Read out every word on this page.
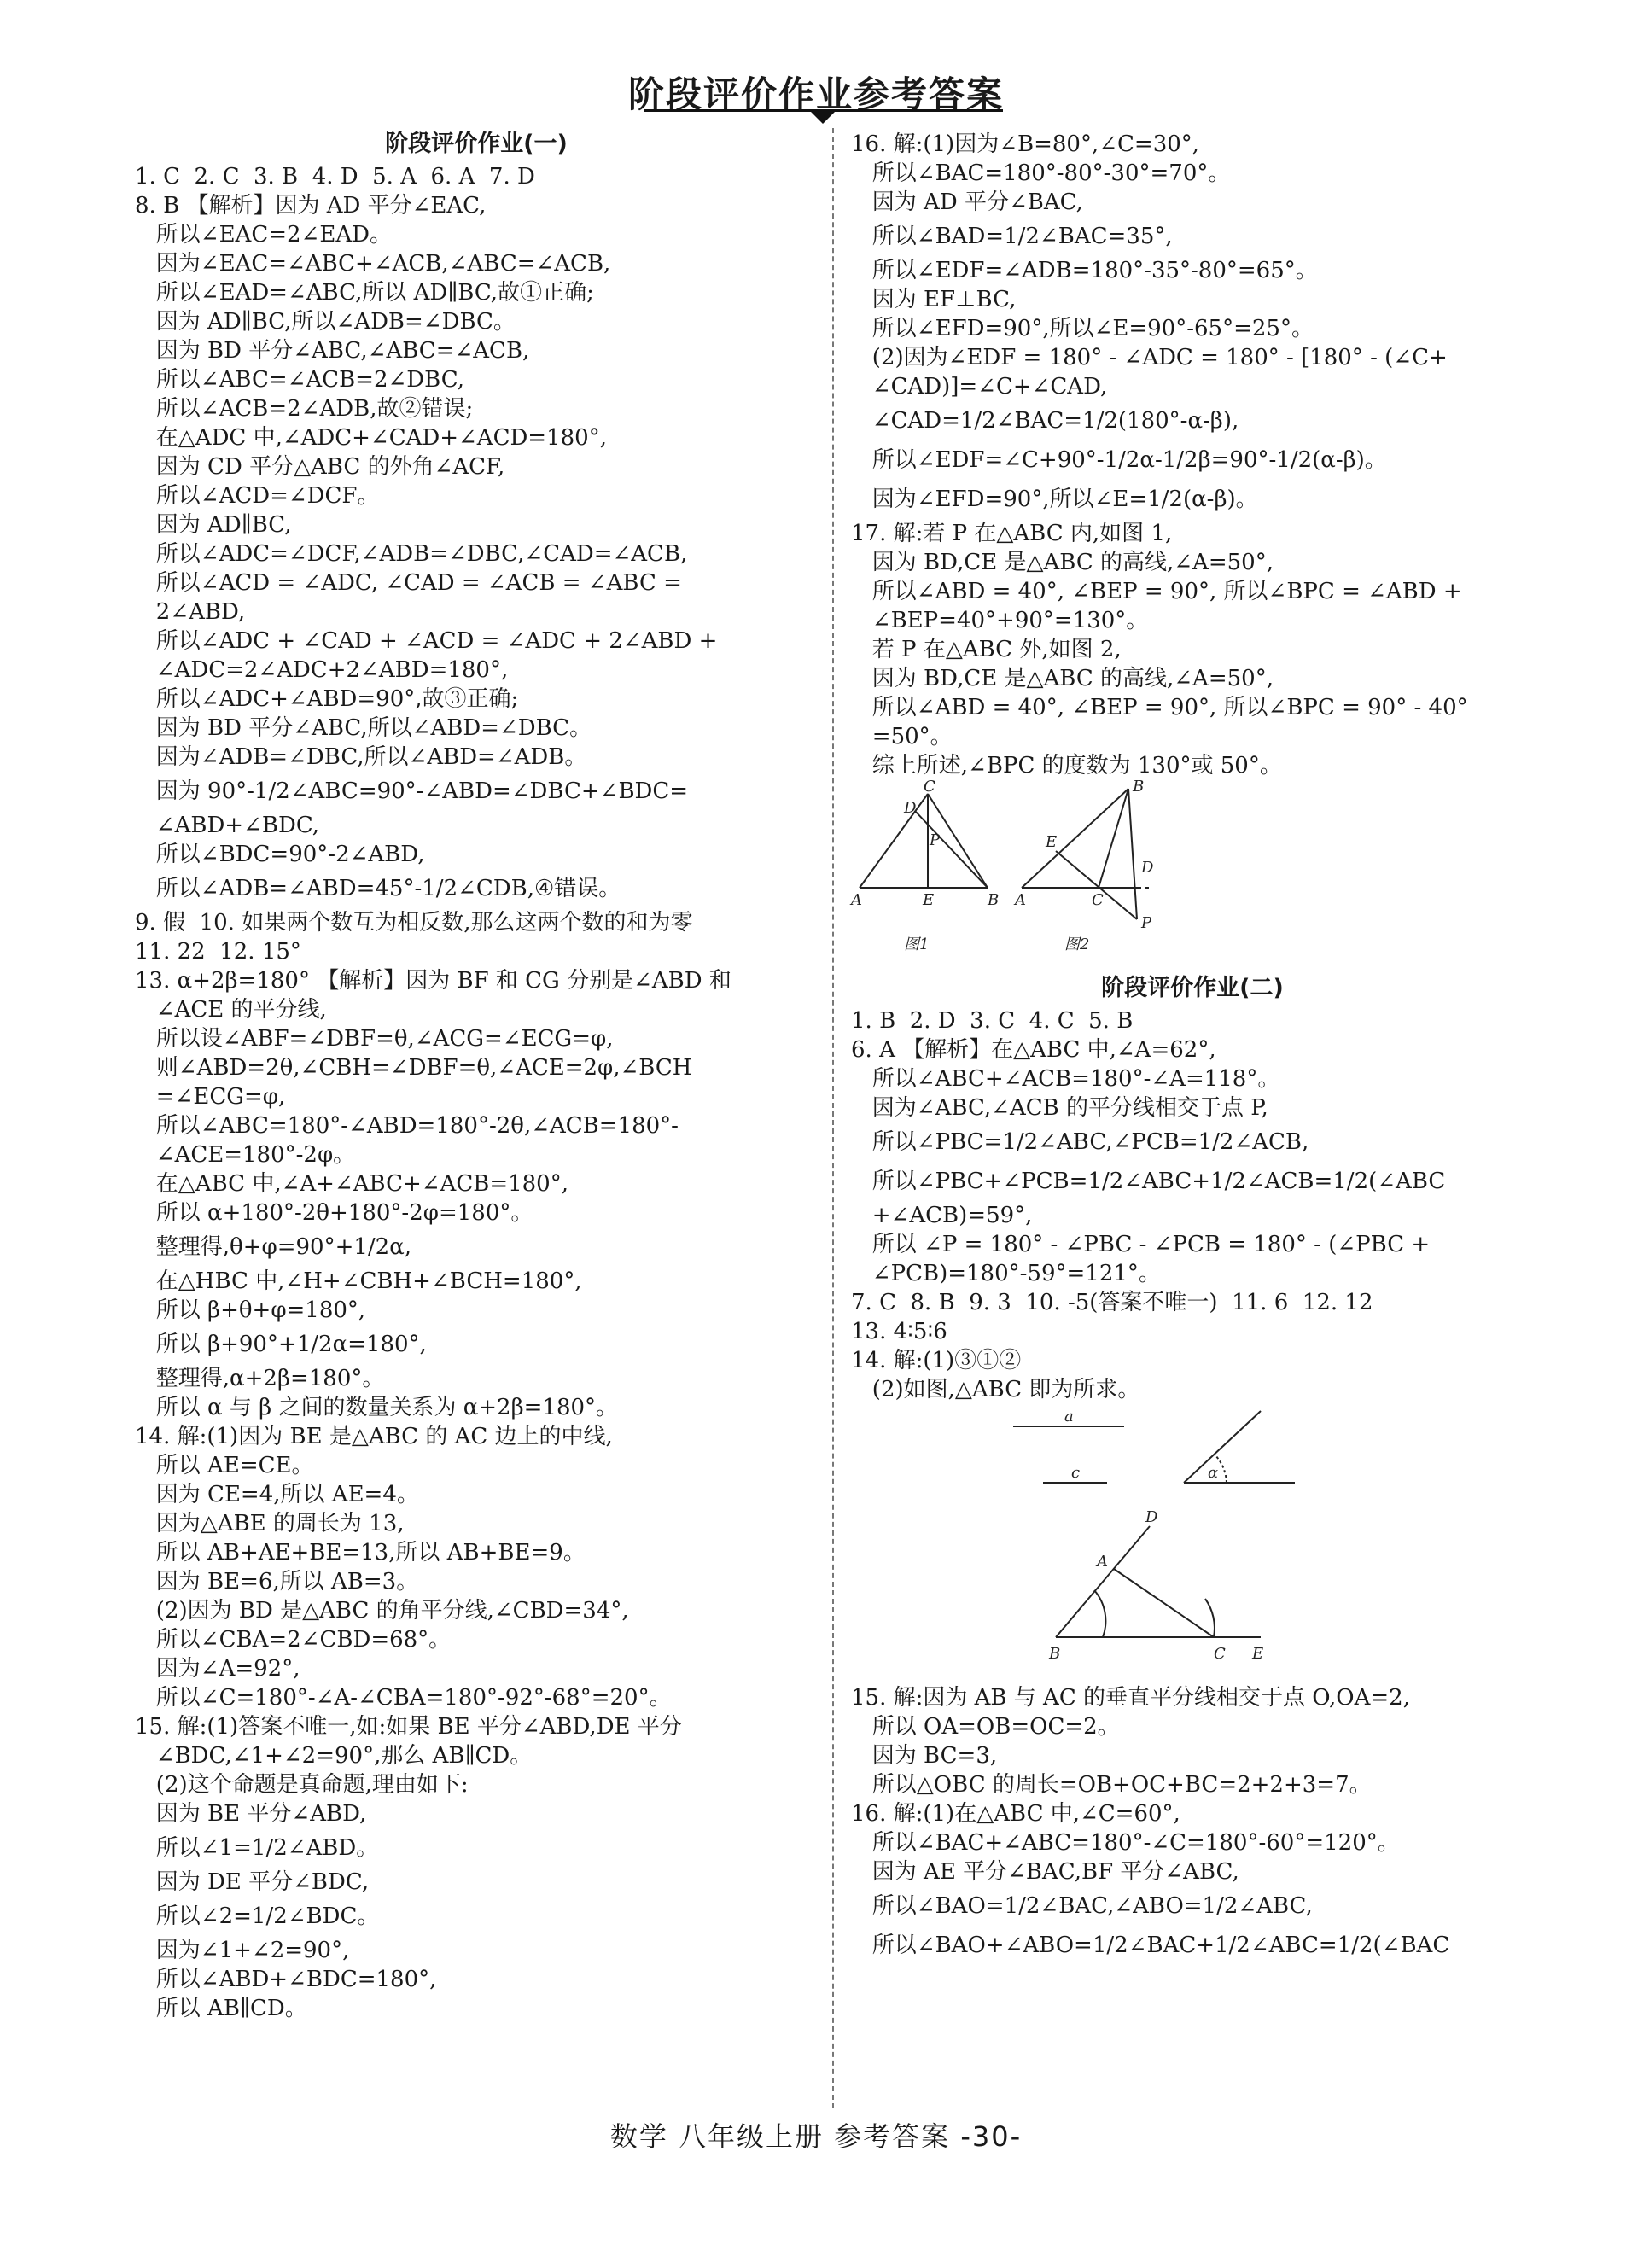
阶段评价作业参考答案
阶段评价作业(一)
1. C  2. C  3. B  4. D  5. A  6. A  7. D
8. B 【解析】因为 AD 平分∠EAC,
所以∠EAC=2∠EAD。
因为∠EAC=∠ABC+∠ACB,∠ABC=∠ACB,
所以∠EAD=∠ABC,所以 AD∥BC,故①正确;
因为 AD∥BC,所以∠ADB=∠DBC。
因为 BD 平分∠ABC,∠ABC=∠ACB,
所以∠ABC=∠ACB=2∠DBC,
所以∠ACB=2∠ADB,故②错误;
在△ADC 中,∠ADC+∠CAD+∠ACD=180°,
因为 CD 平分△ABC 的外角∠ACF,
所以∠ACD=∠DCF。
因为 AD∥BC,
所以∠ADC=∠DCF,∠ADB=∠DBC,∠CAD=∠ACB,
所以∠ACD = ∠ADC, ∠CAD = ∠ACB = ∠ABC =
2∠ABD,
所以∠ADC + ∠CAD + ∠ACD = ∠ADC + 2∠ABD +
∠ADC=2∠ADC+2∠ABD=180°,
所以∠ADC+∠ABD=90°,故③正确;
因为 BD 平分∠ABC,所以∠ABD=∠DBC。
因为∠ADB=∠DBC,所以∠ABD=∠ADB。
因为 90°-1/2∠ABC=90°-∠ABD=∠DBC+∠BDC=
∠ABD+∠BDC,
所以∠BDC=90°-2∠ABD,
所以∠ADB=∠ABD=45°-1/2∠CDB,④错误。
9. 假  10. 如果两个数互为相反数,那么这两个数的和为零
11. 22  12. 15°
13. α+2β=180° 【解析】因为 BF 和 CG 分别是∠ABD 和
∠ACE 的平分线,
所以设∠ABF=∠DBF=θ,∠ACG=∠ECG=φ,
则∠ABD=2θ,∠CBH=∠DBF=θ,∠ACE=2φ,∠BCH
=∠ECG=φ,
所以∠ABC=180°-∠ABD=180°-2θ,∠ACB=180°-
∠ACE=180°-2φ。
在△ABC 中,∠A+∠ABC+∠ACB=180°,
所以 α+180°-2θ+180°-2φ=180°。
整理得,θ+φ=90°+1/2α,
在△HBC 中,∠H+∠CBH+∠BCH=180°,
所以 β+θ+φ=180°,
所以 β+90°+1/2α=180°,
整理得,α+2β=180°。
所以 α 与 β 之间的数量关系为 α+2β=180°。
14. 解:(1)因为 BE 是△ABC 的 AC 边上的中线,
所以 AE=CE。
因为 CE=4,所以 AE=4。
因为△ABE 的周长为 13,
所以 AB+AE+BE=13,所以 AB+BE=9。
因为 BE=6,所以 AB=3。
(2)因为 BD 是△ABC 的角平分线,∠CBD=34°,
所以∠CBA=2∠CBD=68°。
因为∠A=92°,
所以∠C=180°-∠A-∠CBA=180°-92°-68°=20°。
15. 解:(1)答案不唯一,如:如果 BE 平分∠ABD,DE 平分
∠BDC,∠1+∠2=90°,那么 AB∥CD。
(2)这个命题是真命题,理由如下:
因为 BE 平分∠ABD,
所以∠1=1/2∠ABD。
因为 DE 平分∠BDC,
所以∠2=1/2∠BDC。
因为∠1+∠2=90°,
所以∠ABD+∠BDC=180°,
所以 AB∥CD。
16. 解:(1)因为∠B=80°,∠C=30°,
所以∠BAC=180°-80°-30°=70°。
因为 AD 平分∠BAC,
所以∠BAD=1/2∠BAC=35°,
所以∠EDF=∠ADB=180°-35°-80°=65°。
因为 EF⊥BC,
所以∠EFD=90°,所以∠E=90°-65°=25°。
(2)因为∠EDF = 180° - ∠ADC = 180° - [180° - (∠C+
∠CAD)]=∠C+∠CAD,
∠CAD=1/2∠BAC=1/2(180°-α-β),
所以∠EDF=∠C+90°-1/2α-1/2β=90°-1/2(α-β)。
因为∠EFD=90°,所以∠E=1/2(α-β)。
17. 解:若 P 在△ABC 内,如图 1,
因为 BD,CE 是△ABC 的高线,∠A=50°,
所以∠ABD = 40°, ∠BEP = 90°, 所以∠BPC = ∠ABD +
∠BEP=40°+90°=130°。
若 P 在△ABC 外,如图 2,
因为 BD,CE 是△ABC 的高线,∠A=50°,
所以∠ABD = 40°, ∠BEP = 90°, 所以∠BPC = 90° - 40°
=50°。
综上所述,∠BPC 的度数为 130°或 50°。
A	E	B
C
D
P
A	C
E
B
D
P
图1	图2
阶段评价作业(二)
1. B  2. D  3. C  4. C  5. B
6. A 【解析】在△ABC 中,∠A=62°,
所以∠ABC+∠ACB=180°-∠A=118°。
因为∠ABC,∠ACB 的平分线相交于点 P,
所以∠PBC=1/2∠ABC,∠PCB=1/2∠ACB,
所以∠PBC+∠PCB=1/2∠ABC+1/2∠ACB=1/2(∠ABC
+∠ACB)=59°,
所以 ∠P = 180° - ∠PBC - ∠PCB = 180° - (∠PBC +
∠PCB)=180°-59°=121°。
7. C  8. B  9. 3  10. -5(答案不唯一)  11. 6  12. 12
13. 4∶5∶6
14. 解:(1)③①②
(2)如图,△ABC 即为所求。
a
c	α
D
A
B	C E
15. 解:因为 AB 与 AC 的垂直平分线相交于点 O,OA=2,
所以 OA=OB=OC=2。
因为 BC=3,
所以△OBC 的周长=OB+OC+BC=2+2+3=7。
16. 解:(1)在△ABC 中,∠C=60°,
所以∠BAC+∠ABC=180°-∠C=180°-60°=120°。
因为 AE 平分∠BAC,BF 平分∠ABC,
所以∠BAO=1/2∠BAC,∠ABO=1/2∠ABC,
所以∠BAO+∠ABO=1/2∠BAC+1/2∠ABC=1/2(∠BAC
数学 八年级上册 参考答案 -30-
